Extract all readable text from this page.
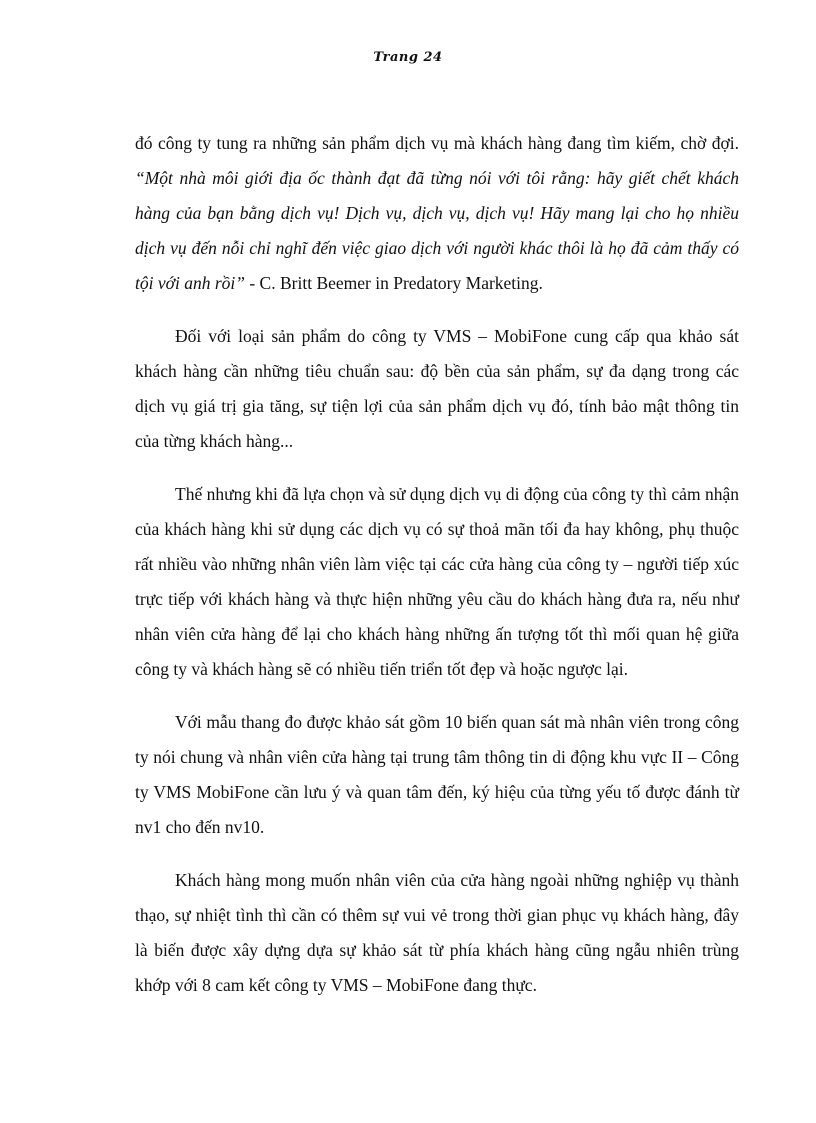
Trang 24

đó công ty tung ra những sản phẩm dịch vụ mà khách hàng đang tìm kiếm, chờ đợi. “Một nhà môi giới địa ốc thành đạt đã từng nói với tôi rằng: hãy giết chết khách hàng của bạn bằng dịch vụ! Dịch vụ, dịch vụ, dịch vụ! Hãy mang lại cho họ nhiều dịch vụ đến nỗi chỉ nghĩ đến việc giao dịch với người khác thôi là họ đã cảm thấy có tội với anh rồi” - C. Britt Beemer in Predatory Marketing.

Đối với loại sản phẩm do công ty VMS – MobiFone cung cấp qua khảo sát khách hàng cần những tiêu chuẩn sau: độ bền của sản phẩm, sự đa dạng trong các dịch vụ giá trị gia tăng, sự tiện lợi của sản phẩm dịch vụ đó, tính bảo mật thông tin của từng khách hàng...

Thế nhưng khi đã lựa chọn và sử dụng dịch vụ di động của công ty thì cảm nhận của khách hàng khi sử dụng các dịch vụ có sự thoả mãn tối đa hay không, phụ thuộc rất nhiều vào những nhân viên làm việc tại các cửa hàng của công ty – người tiếp xúc trực tiếp với khách hàng và thực hiện những yêu cầu do khách hàng đưa ra, nếu như nhân viên cửa hàng để lại cho khách hàng những ấn tượng tốt thì mối quan hệ giữa công ty và khách hàng sẽ có nhiều tiến triển tốt đẹp và hoặc ngược lại.

Với mẫu thang đo được khảo sát gồm 10 biến quan sát mà nhân viên trong công ty nói chung và nhân viên cửa hàng tại trung tâm thông tin di động khu vực II – Công ty VMS MobiFone cần lưu ý và quan tâm đến, ký hiệu của từng yếu tố được đánh từ nv1 cho đến nv10.

Khách hàng mong muốn nhân viên của cửa hàng ngoài những nghiệp vụ thành thạo, sự nhiệt tình thì cần có thêm sự vui vẻ trong thời gian phục vụ khách hàng, đây là biến được xây dựng dựa sự khảo sát từ phía khách hàng cũng ngẫu nhiên trùng khớp với 8 cam kết công ty VMS – MobiFone đang thực.
